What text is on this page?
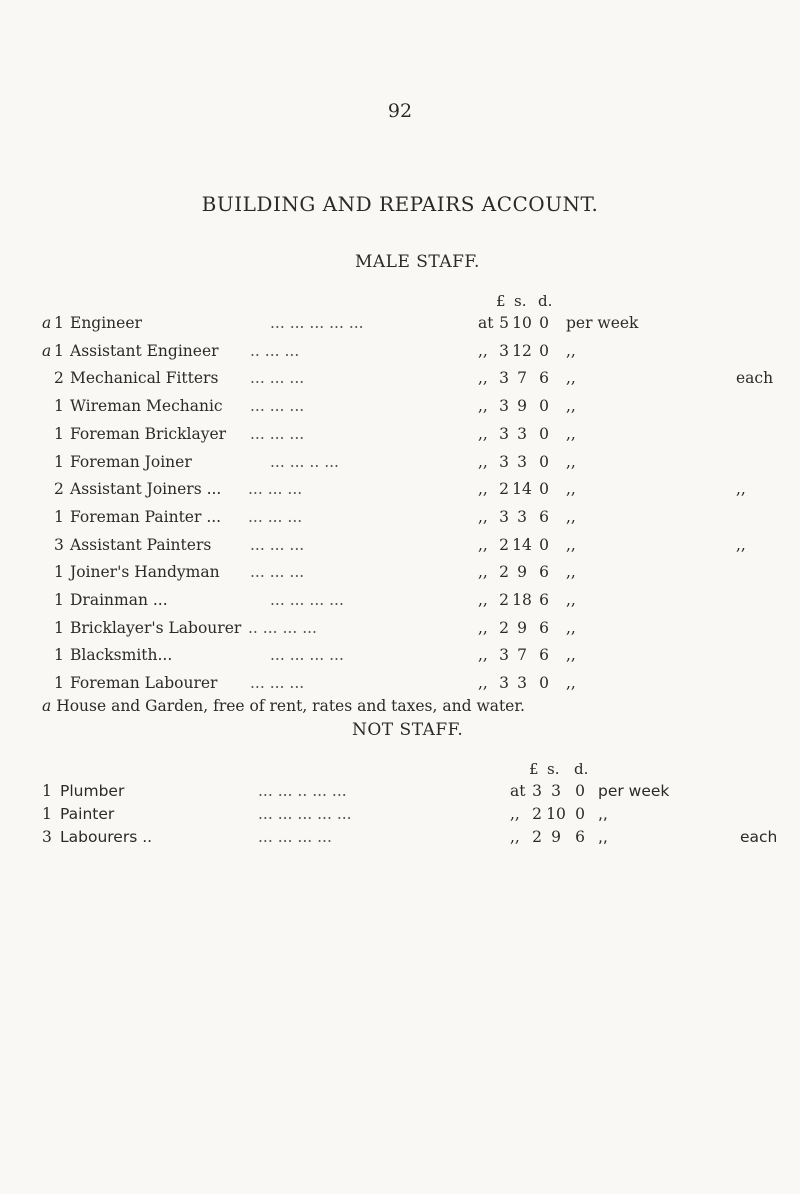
92
BUILDING AND REPAIRS ACCOUNT.
MALE STAFF.
£ s. d.
a 1 Engineer	... ... ... ... ...	at 5 10 0 per week
a 1 Assistant Engineer .. ... ...	,, 3 12 0 ,,
2 Mechanical Fitters ... ... ...	,, 3 7 6 ,,	each
1 Wireman Mechanic ... ... ...	,, 3 9 0 ,,
1 Foreman Bricklayer ... ... ...	,, 3 3 0 ,,
1 Foreman Joiner	... ... .. ...	,, 3 3 0 ,,
2 Assistant Joiners ... ... ... ...	,, 2 14 0 ,,	,,
1 Foreman Painter ... ... ... ...	,, 3 3 6 ,,
3 Assistant Painters ... ... ...	,, 2 14 0 ,,	,,
1 Joiner's Handyman ... ... ...	,, 2 9 6 ,,
1 Drainman ...	... ... ... ...	,, 2 18 6 ,,
1 Bricklayer's Labourer .. ... ... ...	,, 2 9 6 ,,
1 Blacksmith...	... ... ... ...	,, 3 7 6 ,,
1 Foreman Labourer ... ... ...	,, 3 3 0 ,,
a House and Garden, free of rent, rates and taxes, and water.
NOT STAFF.
£ s. d.
1 Plumber	... ... .. ... ...	at 3 3 0 per week
1 Painter	... ... ... ... ...	,, 2 10 0 ,,
3 Labourers ..	... ... ... ...	,, 2 9 6 ,,	each
